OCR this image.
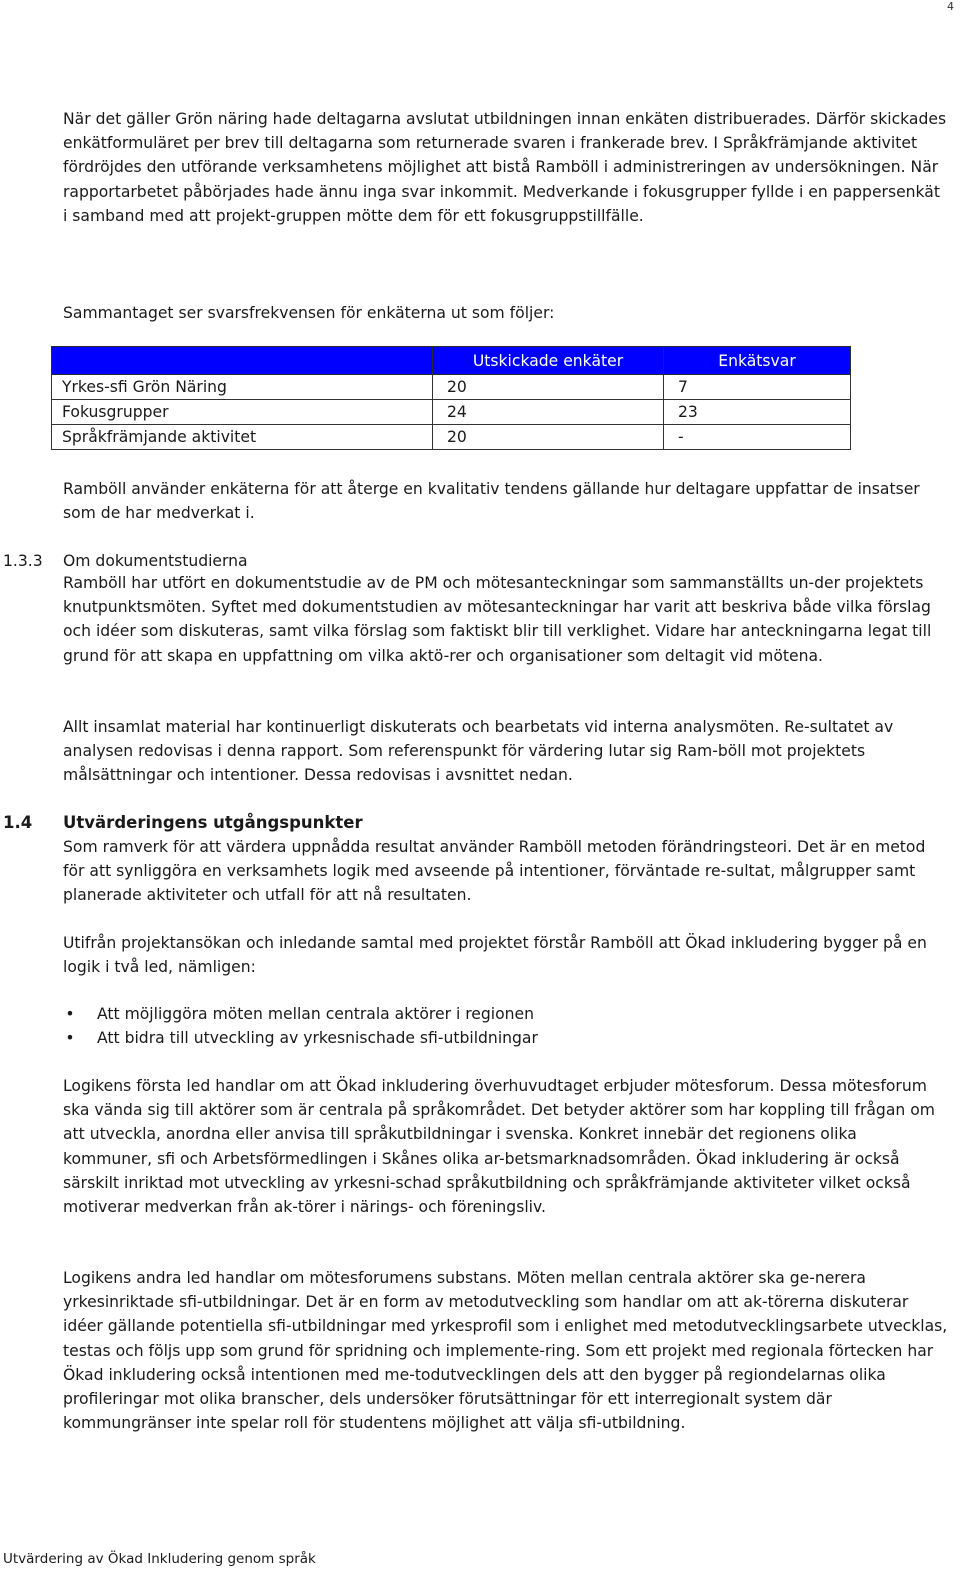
4

När det gäller Grön näring hade deltagarna avslutat utbildningen innan enkäten distribuerades. Därför skickades enkätformuläret per brev till deltagarna som returnerade svaren i frankerade brev. I Språkfrämjande aktivitet fördröjdes den utförande verksamhetens möjlighet att bistå Ramböll i administreringen av undersökningen. När rapportarbetet påbörjades hade ännu inga svar inkommit. Medverkande i fokusgrupper fyllde i en pappersenkät i samband med att projekt-gruppen mötte dem för ett fokusgruppstillfälle.

Sammantaget ser svarsfrekvensen för enkäterna ut som följer:

	Utskickade enkäter	Enkätsvar
Yrkes-sfi Grön Näring	20	7
Fokusgrupper	24	23
Språkfrämjande aktivitet	20	-

Ramböll använder enkäterna för att återge en kvalitativ tendens gällande hur deltagare uppfattar de insatser som de har medverkat i.

1.3.3 Om dokumentstudierna

Ramböll har utfört en dokumentstudie av de PM och mötesanteckningar som sammanställts un-der projektets knutpunktsmöten. Syftet med dokumentstudien av mötesanteckningar har varit att beskriva både vilka förslag och idéer som diskuteras, samt vilka förslag som faktiskt blir till verklighet. Vidare har anteckningarna legat till grund för att skapa en uppfattning om vilka aktö-rer och organisationer som deltagit vid mötena.

Allt insamlat material har kontinuerligt diskuterats och bearbetats vid interna analysmöten. Re-sultatet av analysen redovisas i denna rapport. Som referenspunkt för värdering lutar sig Ram-böll mot projektets målsättningar och intentioner. Dessa redovisas i avsnittet nedan.

1.4 Utvärderingens utgångspunkter

Som ramverk för att värdera uppnådda resultat använder Ramböll metoden förändringsteori. Det är en metod för att synliggöra en verksamhets logik med avseende på intentioner, förväntade re-sultat, målgrupper samt planerade aktiviteter och utfall för att nå resultaten.

Utifrån projektansökan och inledande samtal med projektet förstår Ramböll att Ökad inkludering bygger på en logik i två led, nämligen:

• Att möjliggöra möten mellan centrala aktörer i regionen
• Att bidra till utveckling av yrkesnischade sfi-utbildningar

Logikens första led handlar om att Ökad inkludering överhuvudtaget erbjuder mötesforum. Dessa mötesforum ska vända sig till aktörer som är centrala på språkområdet. Det betyder aktörer som har koppling till frågan om att utveckla, anordna eller anvisa till språkutbildningar i svenska. Konkret innebär det regionens olika kommuner, sfi och Arbetsförmedlingen i Skånes olika ar-betsmarknadsområden. Ökad inkludering är också särskilt inriktad mot utveckling av yrkesni-schad språkutbildning och språkfrämjande aktiviteter vilket också motiverar medverkan från ak-törer i närings- och föreningsliv.

Logikens andra led handlar om mötesforumens substans. Möten mellan centrala aktörer ska ge-nerera yrkesinriktade sfi-utbildningar. Det är en form av metodutveckling som handlar om att ak-törerna diskuterar idéer gällande potentiella sfi-utbildningar med yrkesprofil som i enlighet med metodutvecklingsarbete utvecklas, testas och följs upp som grund för spridning och implemente-ring. Som ett projekt med regionala förtecken har Ökad inkludering också intentionen med me-todutvecklingen dels att den bygger på regiondelarnas olika profileringar mot olika branscher, dels undersöker förutsättningar för ett interregionalt system där kommungränser inte spelar roll för studentens möjlighet att välja sfi-utbildning.

Utvärdering av Ökad Inkludering genom språk
